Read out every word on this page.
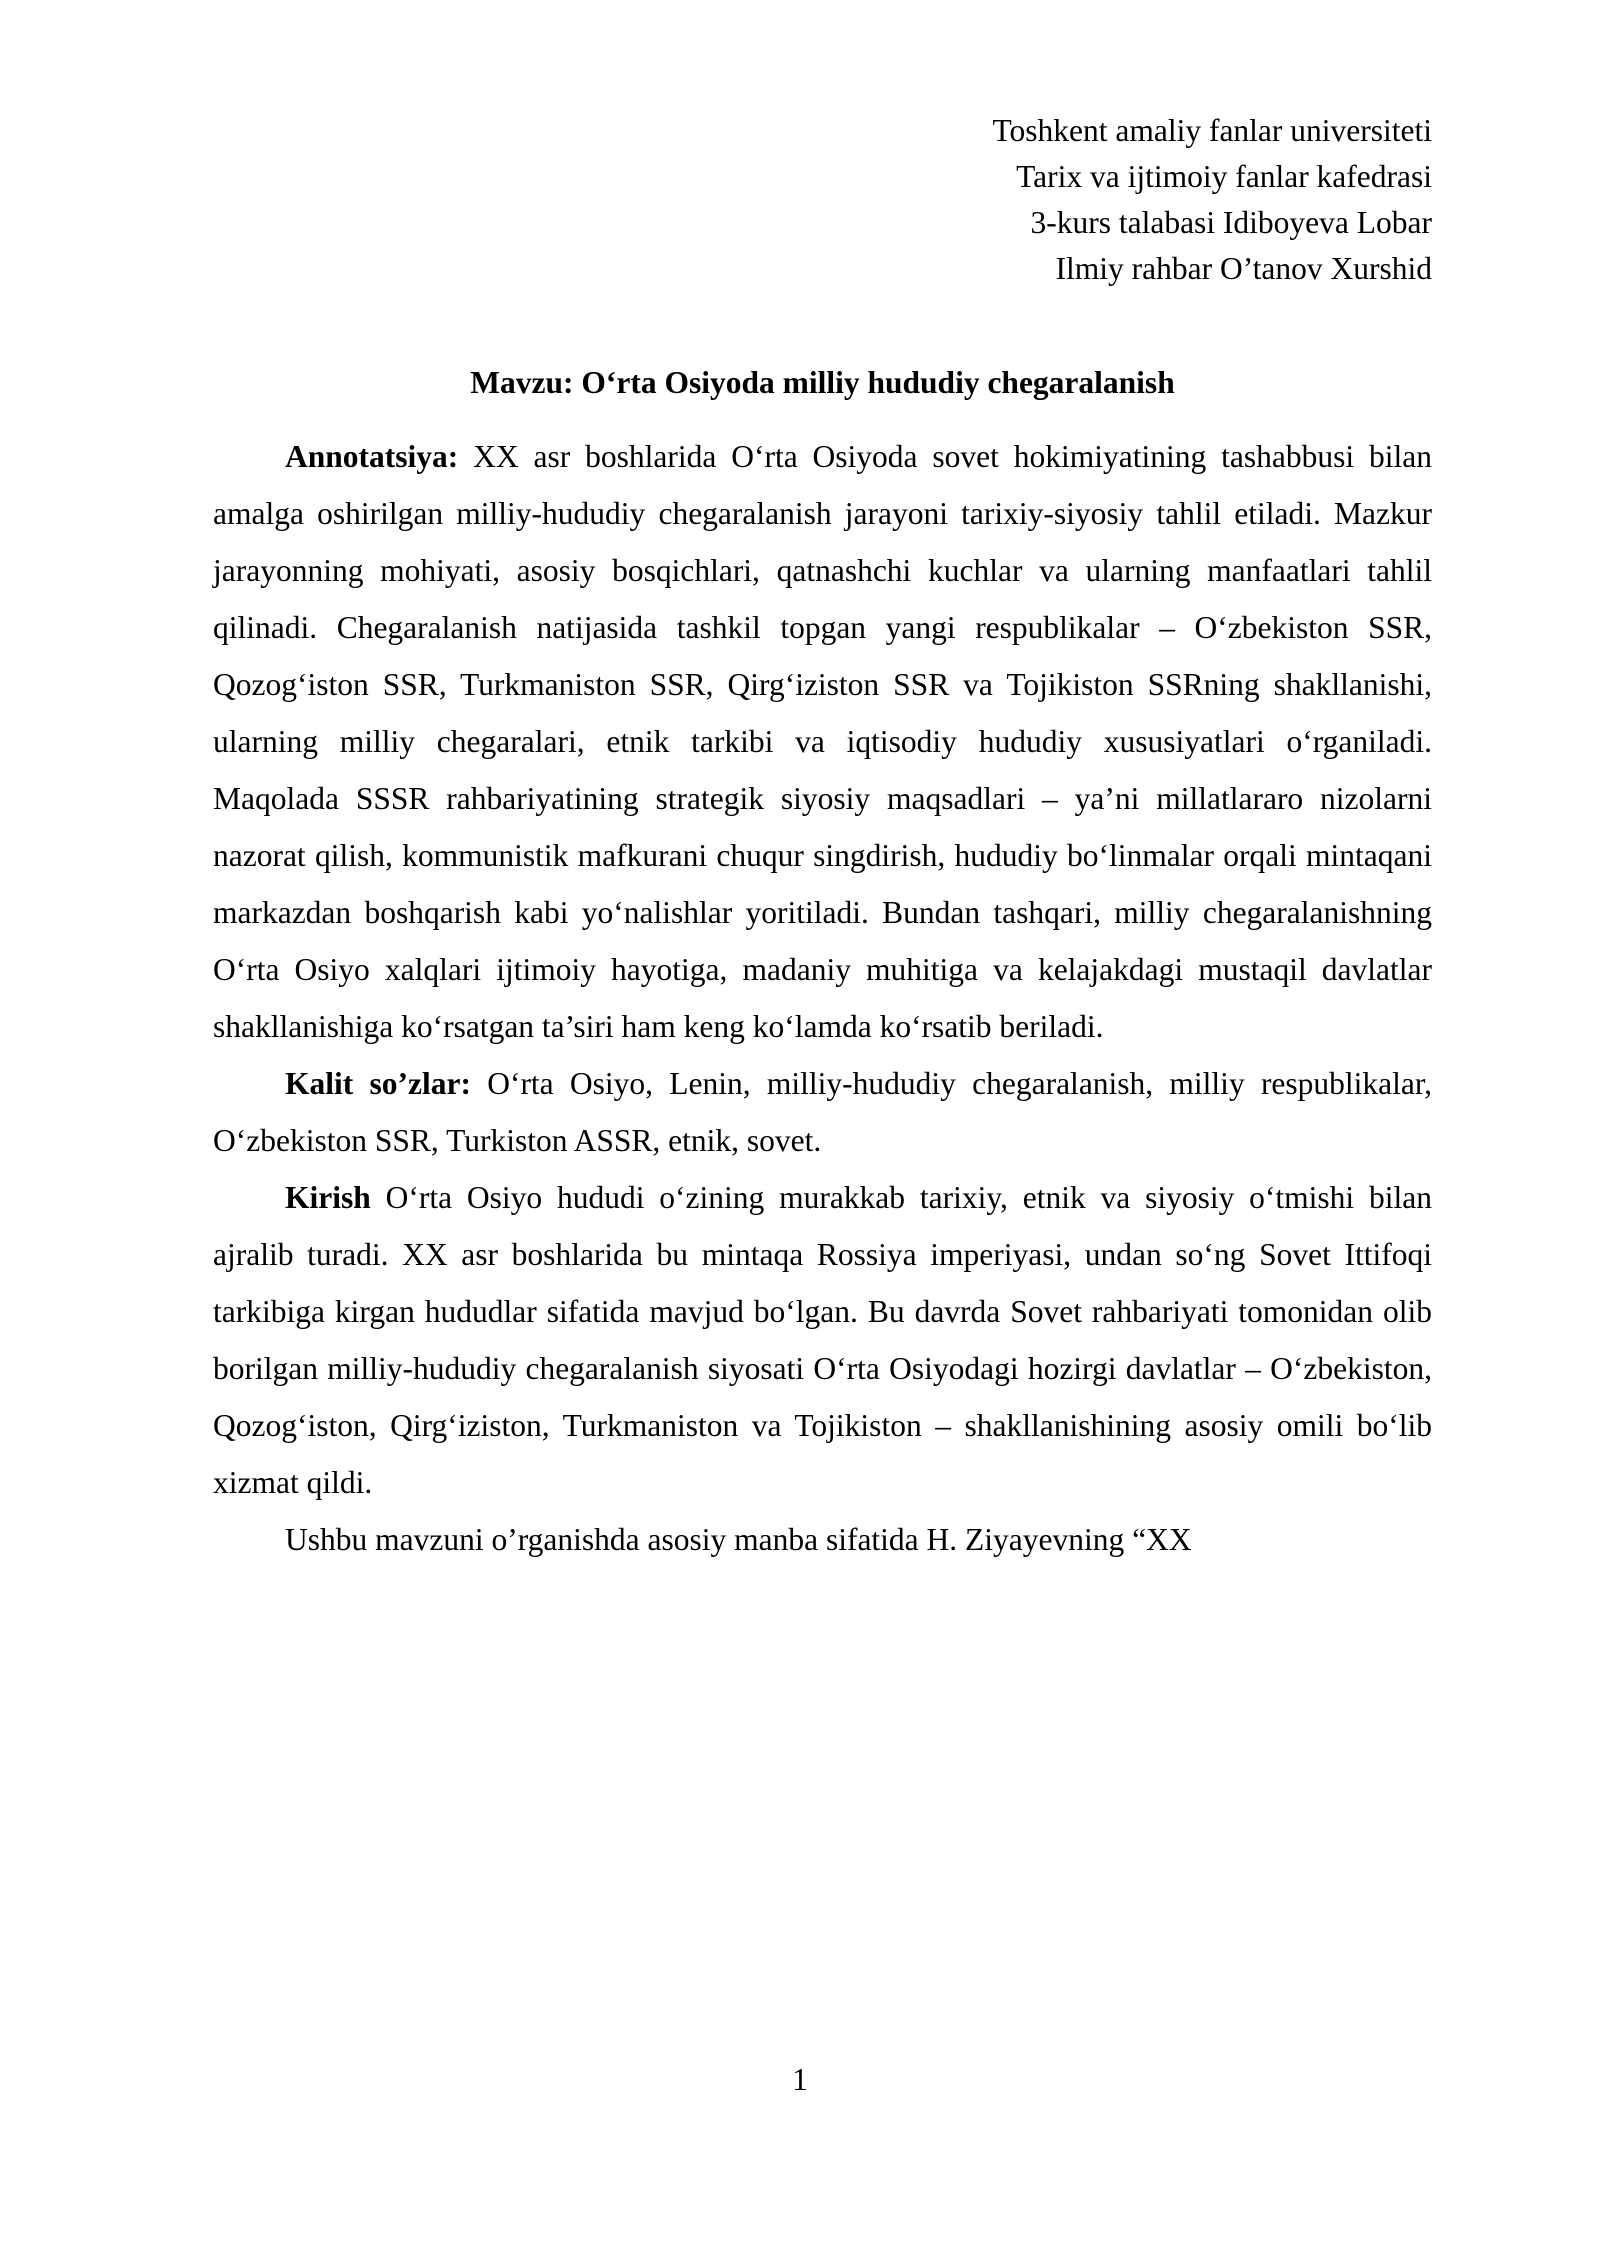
Toshkent amaliy fanlar universiteti
Tarix va ijtimoiy fanlar kafedrasi
3-kurs talabasi Idiboyeva Lobar
Ilmiy rahbar O’tanov Xurshid
Mavzu: O‘rta Osiyoda milliy hududiy chegaralanish

Annotatsiya: XX asr boshlarida O‘rta Osiyoda sovet hokimiyatining tashabbusi bilan amalga oshirilgan milliy-hududiy chegaralanish jarayoni tarixiy-siyosiy tahlil etiladi. Mazkur jarayonning mohiyati, asosiy bosqichlari, qatnashchi kuchlar va ularning manfaatlari tahlil qilinadi. Chegaralanish natijasida tashkil topgan yangi respublikalar – O‘zbekiston SSR, Qozog‘iston SSR, Turkmaniston SSR, Qirg‘iziston SSR va Tojikiston SSRning shakllanishi, ularning milliy chegaralari, etnik tarkibi va iqtisodiy hududiy xususiyatlari o‘rganiladi. Maqolada SSSR rahbariyatining strategik siyosiy maqsadlari – ya’ni millatlararo nizolarni nazorat qilish, kommunistik mafkurani chuqur singdirish, hududiy bo‘linmalar orqali mintaqani markazdan boshqarish kabi yo‘nalishlar yoritiladi. Bundan tashqari, milliy chegaralanishning O‘rta Osiyo xalqlari ijtimoiy hayotiga, madaniy muhitiga va kelajakdagi mustaqil davlatlar shakllanishiga ko‘rsatgan ta’siri ham keng ko‘lamda ko‘rsatib beriladi.

Kalit so’zlar: O‘rta Osiyo, Lenin, milliy-hududiy chegaralanish, milliy respublikalar, O‘zbekiston SSR, Turkiston ASSR, etnik, sovet.

Kirish O‘rta Osiyo hududi o‘zining murakkab tarixiy, etnik va siyosiy o‘tmishi bilan ajralib turadi. XX asr boshlarida bu mintaqa Rossiya imperiyasi, undan so‘ng Sovet Ittifoqi tarkibiga kirgan hududlar sifatida mavjud bo‘lgan. Bu davrda Sovet rahbariyati tomonidan olib borilgan milliy-hududiy chegaralanish siyosati O‘rta Osiyodagi hozirgi davlatlar – O‘zbekiston, Qozog‘iston, Qirg‘iziston, Turkmaniston va Tojikiston – shakllanishining asosiy omili bo‘lib xizmat qildi.

Ushbu mavzuni o’rganishda asosiy manba sifatida H. Ziyayevning “XX

1
